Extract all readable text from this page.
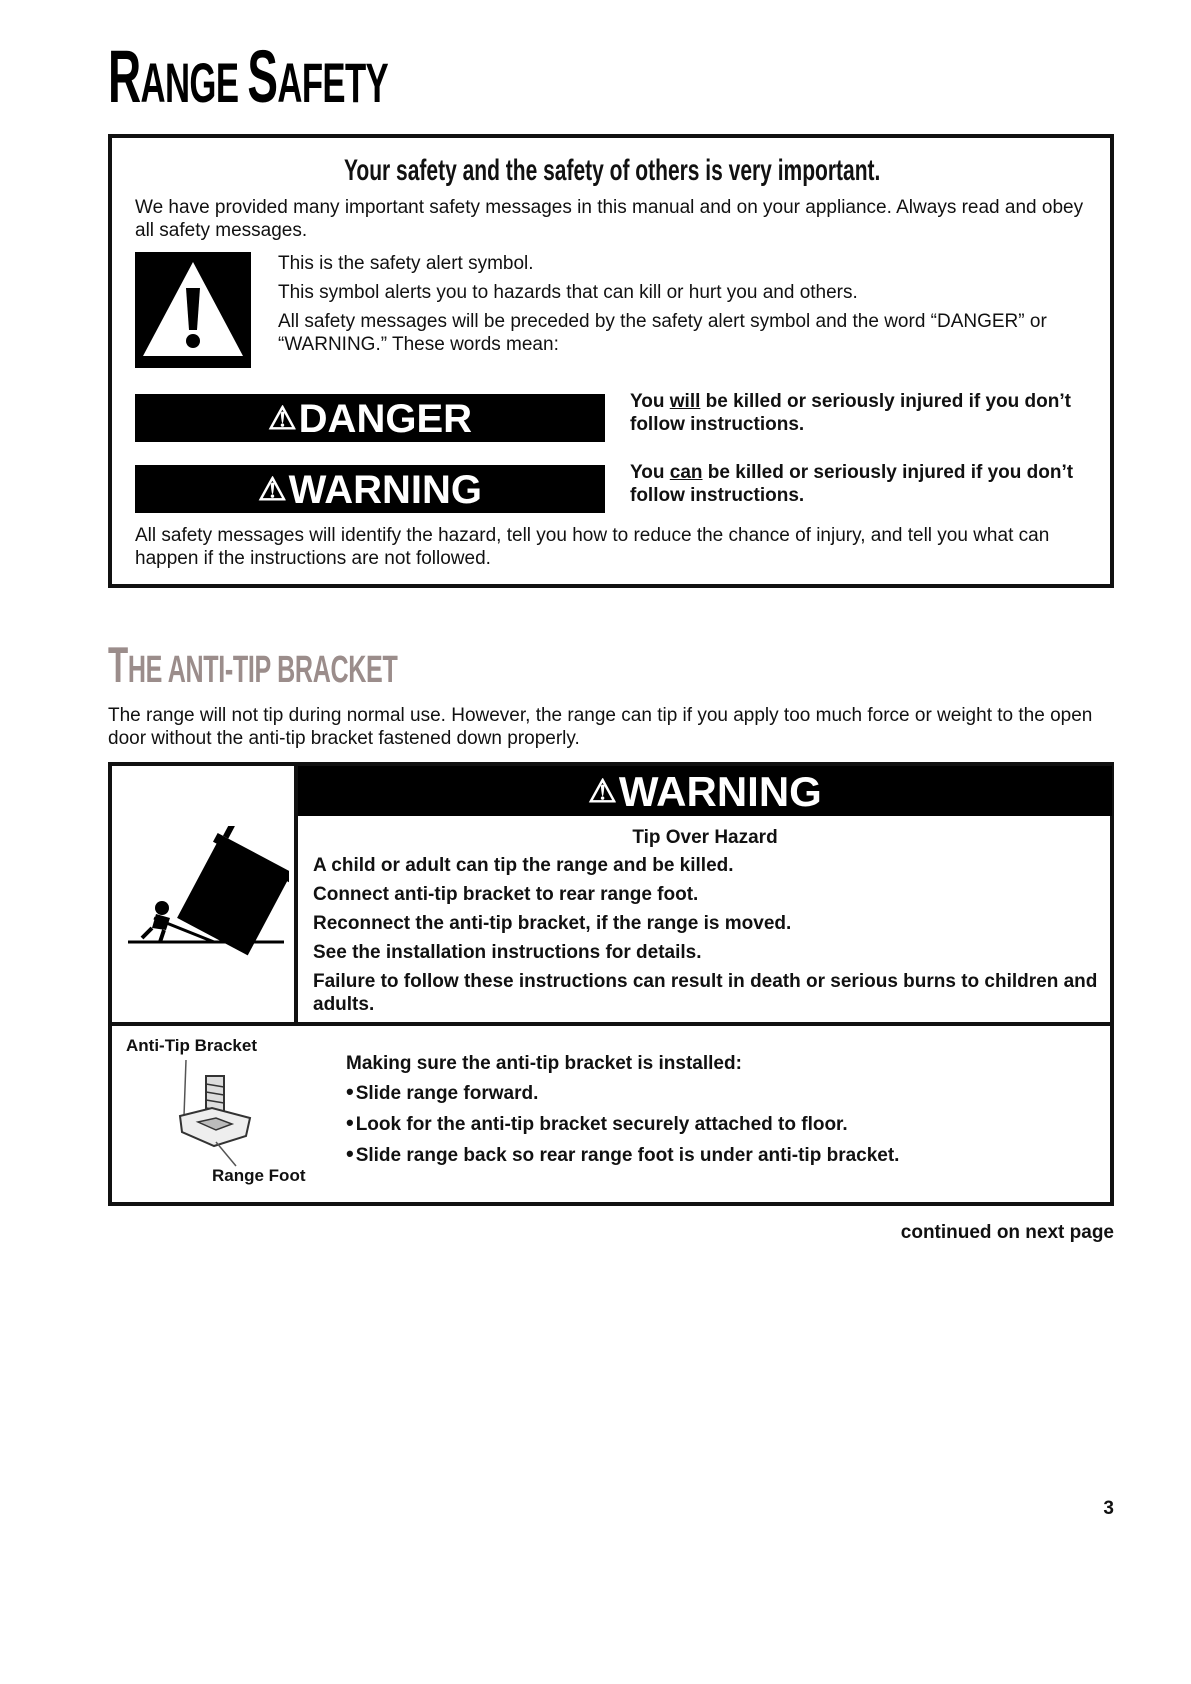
RANGE SAFETY
Your safety and the safety of others is very important.
We have provided many important safety messages in this manual and on your appliance. Always read and obey all safety messages.

This is the safety alert symbol.

This symbol alerts you to hazards that can kill or hurt you and others.

All safety messages will be preceded by the safety alert symbol and the word “DANGER” or “WARNING.” These words mean:

⚠DANGER	You will be killed or seriously injured if you don’t follow instructions.
⚠WARNING	You can be killed or seriously injured if you don’t follow instructions.
All safety messages will identify the hazard, tell you how to reduce the chance of injury, and tell you what can happen if the instructions are not followed.
THE ANTI-TIP BRACKET
The range will not tip during normal use. However, the range can tip if you apply too much force or weight to the open door without the anti-tip bracket fastened down properly.
⚠WARNING
Tip Over Hazard

A child or adult can tip the range and be killed.

Connect anti-tip bracket to rear range foot.

Reconnect the anti-tip bracket, if the range is moved.

See the installation instructions for details.

Failure to follow these instructions can result in death or serious burns to children and adults.

Anti-Tip Bracket
Range Foot
Making sure the anti-tip bracket is installed:
• Slide range forward.
• Look for the anti-tip bracket securely attached to floor.
• Slide range back so rear range foot is under anti-tip bracket.
continued on next page
3
